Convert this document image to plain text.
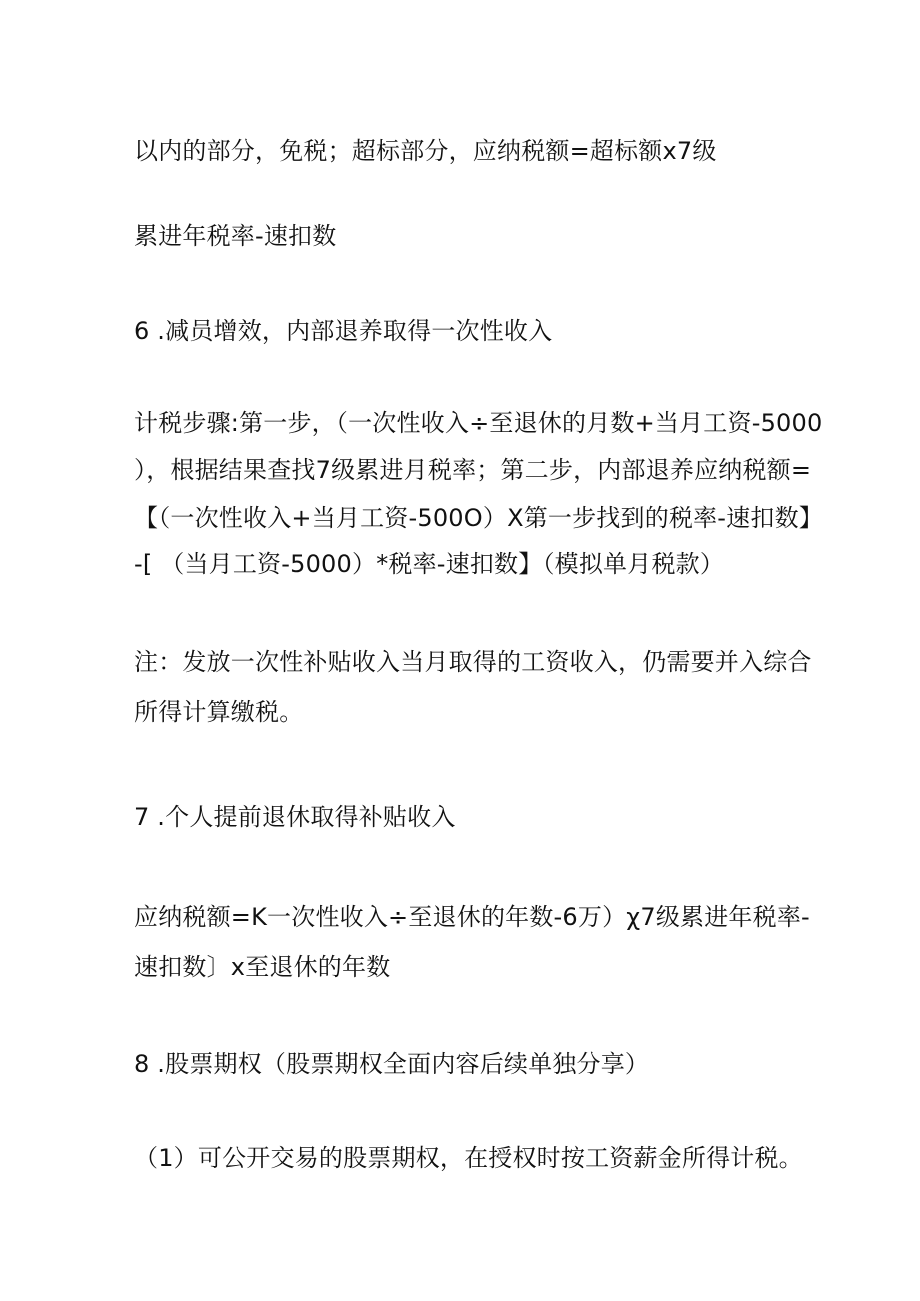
以内的部分，免税；超标部分，应纳税额=超标额x7级
累进年税率-速扣数
6 .减员增效，内部退养取得一次性收入
计税步骤:第一步，（一次性收入÷至退休的月数+当月工资-5000
），根据结果查找7级累进月税率；第二步，内部退养应纳税额=
【（一次性收入+当月工资-500O）X第一步找到的税率-速扣数】
-[ （当月工资-5000）*税率-速扣数】（模拟单月税款）
注：发放一次性补贴收入当月取得的工资收入，仍需要并入综合
所得计算缴税。
7 .个人提前退休取得补贴收入
应纳税额=K一次性收入÷至退休的年数-6万）χ7级累进年税率-
速扣数〕x至退休的年数
8 .股票期权（股票期权全面内容后续单独分享）
（1）可公开交易的股票期权，在授权时按工资薪金所得计税。
